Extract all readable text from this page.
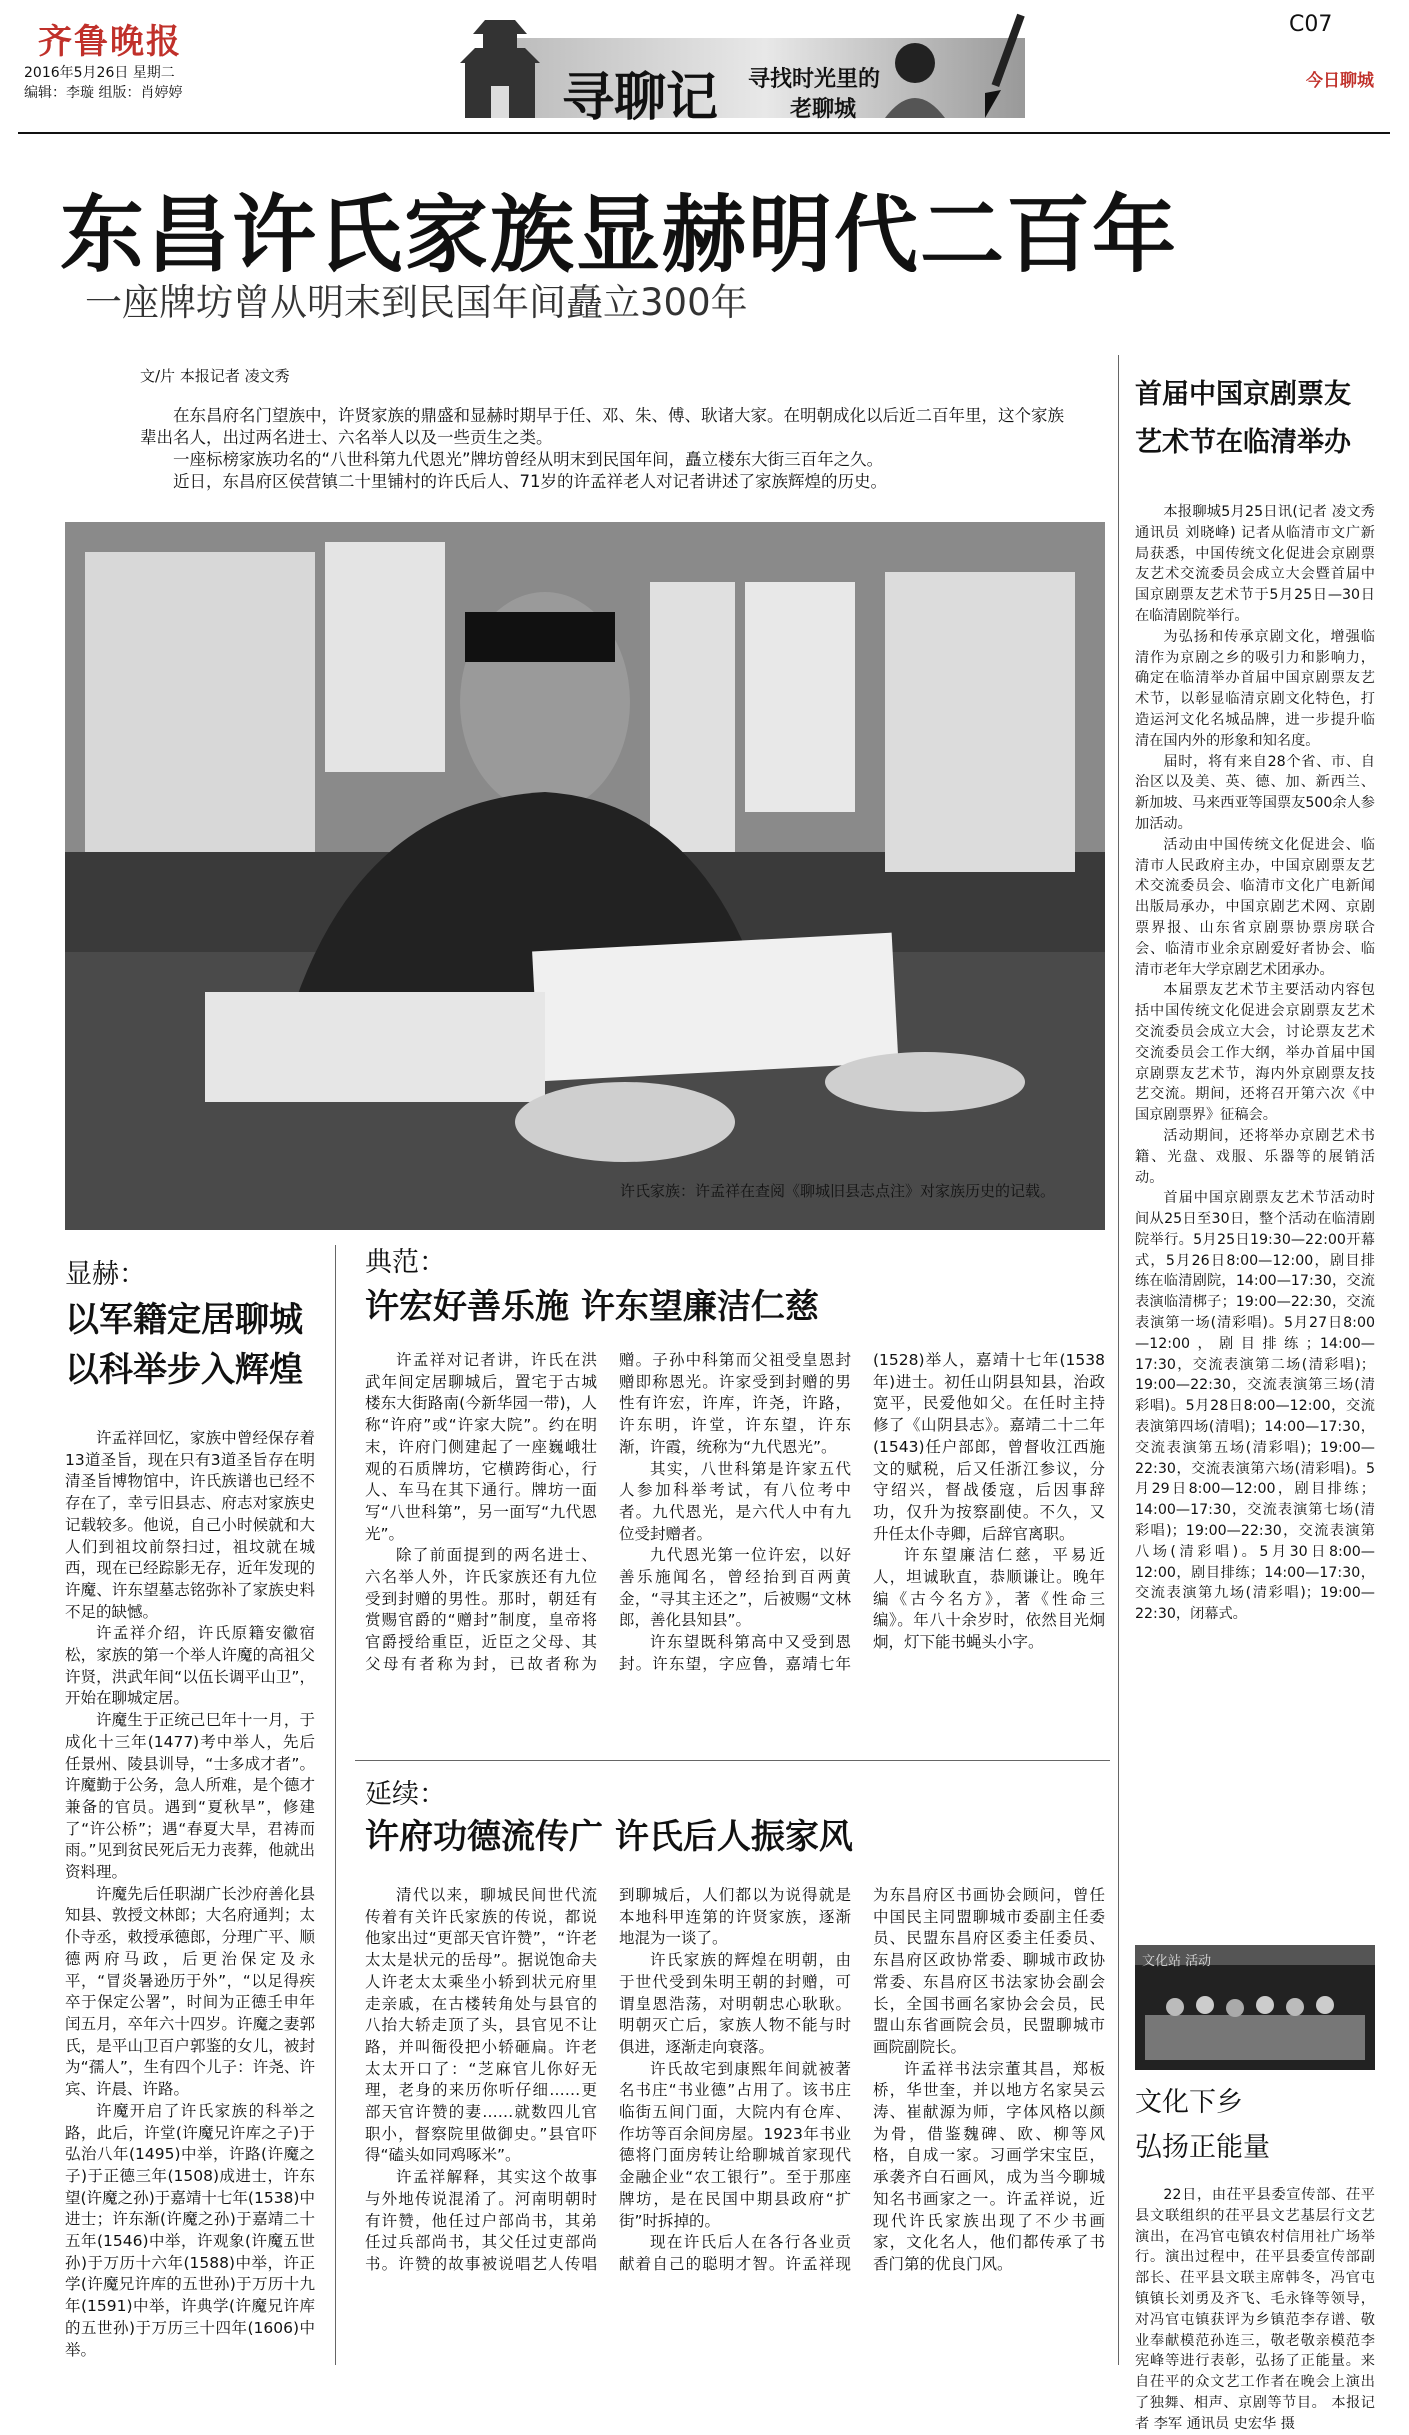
齐鲁晚报
2016年5月26日 星期二
编辑：李璇 组版：肖婷婷	寻聊记 寻找时光里的
老聊城
C07
今日聊城
东昌许氏家族显赫明代二百年
一座牌坊曾从明末到民国年间矗立300年
文/片 本报记者 凌文秀

在东昌府名门望族中，许贤家族的鼎盛和显赫时期早于任、邓、朱、傅、耿诸大家。在明朝成化以后近二百年里，这个家族辈出名人，出过两名进士、六名举人以及一些贡生之类。

一座标榜家族功名的“八世科第九代恩光”牌坊曾经从明末到民国年间，矗立楼东大街三百年之久。

近日，东昌府区侯营镇二十里铺村的许氏后人、71岁的许孟祥老人对记者讲述了家族辉煌的历史。

许氏家族：许孟祥在查阅《聊城旧县志点注》对家族历史的记载。
显赫：
以军籍定居聊城
以科举步入辉煌

许孟祥回忆，家族中曾经保存着13道圣旨，现在只有3道圣旨存在明清圣旨博物馆中，许氏族谱也已经不存在了，幸亏旧县志、府志对家族史记载较多。他说，自己小时候就和大人们到祖坟前祭扫过，祖坟就在城西，现在已经踪影无存，近年发现的许魔、许东望墓志铭弥补了家族史料不足的缺憾。

许孟祥介绍，许氏原籍安徽宿松，家族的第一个举人许魔的高祖父许贤，洪武年间“以伍长调平山卫”，开始在聊城定居。

许魔生于正统己巳年十一月，于成化十三年(1477)考中举人，先后任景州、陵县训导，“士多成才者”。许魔勤于公务，急人所难，是个德才兼备的官员。遇到“夏秋旱”，修建了“许公桥”；遇“春夏大旱，君祷而雨。”见到贫民死后无力丧葬，他就出资料理。

许魔先后任职湖广长沙府善化县知县、敦授文林郎；大名府通判；太仆寺丞，敕授承德郎，分理广平、顺德两府马政，后更治保定及永平，“冒炎暑逊历于外”，“以足得疾卒于保定公署”，时间为正德壬申年闰五月，卒年六十四岁。许魔之妻郭氏，是平山卫百户郭鉴的女儿，被封为“孺人”，生有四个儿子：许尧、许宾、许晨、许路。

许魔开启了许氏家族的科举之路，此后，许堂(许魔兄许库之子)于弘治八年(1495)中举，许路(许魔之子)于正德三年(1508)成进士，许东望(许魔之孙)于嘉靖十七年(1538)中进士；许东渐(许魔之孙)于嘉靖二十五年(1546)中举，许观象(许魔五世孙)于万历十六年(1588)中举，许正学(许魔兄许库的五世孙)于万历十九年(1591)中举，许典学(许魔兄许库的五世孙)于万历三十四年(1606)中举。

典范：
许宏好善乐施 许东望廉洁仁慈

许孟祥对记者讲，许氏在洪武年间定居聊城后，置宅于古城楼东大街路南(今新华园一带)，人称“许府”或“许家大院”。约在明末，许府门侧建起了一座巍峨壮观的石质牌坊，它横跨街心，行人、车马在其下通行。牌坊一面写“八世科第”，另一面写“九代恩光”。

除了前面提到的两名进士、六名举人外，许氏家族还有九位受到封赠的男性。那时，朝廷有赏赐官爵的“赠封”制度，皇帝将官爵授给重臣，近臣之父母、其父母有者称为封，已故者称为赠。子孙中科第而父祖受皇恩封赠即称恩光。许家受到封赠的男性有许宏，许库，许尧，许路，许东明，许堂，许东望，许东渐，许霞，统称为“九代恩光”。

其实，八世科第是许家五代人参加科举考试，有八位考中者。九代恩光，是六代人中有九位受封赠者。

九代恩光第一位许宏，以好善乐施闻名，曾经抬到百两黄金，“寻其主还之”，后被赐“文林郎，善化县知县”。

许东望既科第高中又受到恩封。许东望，字应鲁，嘉靖七年(1528)举人，嘉靖十七年(1538年)进士。初任山阴县知县，治政宽平，民爱他如父。在任时主持修了《山阴县志》。嘉靖二十二年(1543)任户部郎，曾督收江西施文的赋税，后又任浙江参议，分守绍兴，督战倭寇，后因事辞功，仅升为按察副使。不久，又升任太仆寺卿，后辞官离职。

许东望廉洁仁慈，平易近人，坦诚耿直，恭顺谦让。晚年编《古今名方》，著《性命三编》。年八十余岁时，依然目光炯炯，灯下能书蝇头小字。

延续：
许府功德流传广 许氏后人振家风

清代以来，聊城民间世代流传着有关许氏家族的传说，都说他家出过“更部天官许赞”，“许老太太是状元的岳母”。据说饱命夫人许老太太乘坐小轿到状元府里走亲戚，在古楼转角处与县官的八抬大轿走顶了头，县官见不让路，并叫衙役把小轿砸扁。许老太太开口了：“芝麻官儿你好无理，老身的来历你听仔细……更部天官许赞的妻……就数四儿官职小，督察院里做御史。”县官吓得“磕头如同鸡啄米”。

许孟祥解释，其实这个故事与外地传说混淆了。河南明朝时有许赞，他任过户部尚书，其弟任过兵部尚书，其父任过吏部尚书。许赞的故事被说唱艺人传唱到聊城后，人们都以为说得就是本地科甲连第的许贤家族，逐渐地混为一谈了。

许氏家族的辉煌在明朝，由于世代受到朱明王朝的封赠，可谓皇恩浩荡，对明朝忠心耿耿。明朝灭亡后，家族人物不能与时俱进，逐渐走向衰落。

许氏故宅到康熙年间就被著名书庄“书业德”占用了。该书庄临街五间门面，大院内有仓库、作坊等百余间房屋。1923年书业德将门面房转让给聊城首家现代金融企业“农工银行”。至于那座牌坊，是在民国中期县政府“扩街”时拆掉的。

现在许氏后人在各行各业贡献着自己的聪明才智。许孟祥现为东昌府区书画协会顾问，曾任中国民主同盟聊城市委副主任委员、民盟东昌府区委主任委员、东昌府区政协常委、聊城市政协常委、东昌府区书法家协会副会长，全国书画名家协会会员，民盟山东省画院会员，民盟聊城市画院副院长。

许孟祥书法宗董其昌，郑板桥，华世奎，并以地方名家吴云涛、崔献源为师，字体风格以颜为骨，借鉴魏碑、欧、柳等风格，自成一家。习画学宋宝臣，承袭齐白石画风，成为当今聊城知名书画家之一。许孟祥说，近现代许氏家族出现了不少书画家，文化名人，他们都传承了书香门第的优良门风。

首届中国京剧票友
艺术节在临清举办

本报聊城5月25日讯(记者 凌文秀 通讯员 刘晓峰) 记者从临清市文广新局获悉，中国传统文化促进会京剧票友艺术交流委员会成立大会暨首届中国京剧票友艺术节于5月25日—30日在临清剧院举行。

为弘扬和传承京剧文化，增强临清作为京剧之乡的吸引力和影响力，确定在临清举办首届中国京剧票友艺术节，以彰显临清京剧文化特色，打造运河文化名城品牌，进一步提升临清在国内外的形象和知名度。

届时，将有来自28个省、市、自治区以及美、英、德、加、新西兰、新加坡、马来西亚等国票友500余人参加活动。

活动由中国传统文化促进会、临清市人民政府主办，中国京剧票友艺术交流委员会、临清市文化广电新闻出版局承办，中国京剧艺术网、京剧票界报、山东省京剧票协票房联合会、临清市业余京剧爱好者协会、临清市老年大学京剧艺术团承办。

本届票友艺术节主要活动内容包括中国传统文化促进会京剧票友艺术交流委员会成立大会，讨论票友艺术交流委员会工作大纲，举办首届中国京剧票友艺术节，海内外京剧票友技艺交流。期间，还将召开第六次《中国京剧票界》征稿会。

活动期间，还将举办京剧艺术书籍、光盘、戏服、乐器等的展销活动。

首届中国京剧票友艺术节活动时间从25日至30日，整个活动在临清剧院举行。5月25日19:30—22:00开幕式，5月26日8:00—12:00，剧目排练在临清剧院，14:00—17:30，交流表演临清梆子；19:00—22:30，交流表演第一场(清彩唱)。5月27日8:00—12:00，剧目排练；14:00—17:30，交流表演第二场(清彩唱)；19:00—22:30，交流表演第三场(清彩唱)。5月28日8:00—12:00，交流表演第四场(清唱)；14:00—17:30，交流表演第五场(清彩唱)；19:00—22:30，交流表演第六场(清彩唱)。5月29日8:00—12:00，剧目排练；14:00—17:30，交流表演第七场(清彩唱)；19:00—22:30，交流表演第八场(清彩唱)。5月30日8:00—12:00，剧目排练；14:00—17:30，交流表演第九场(清彩唱)；19:00—22:30，闭幕式。

文化站 活动
文化下乡
弘扬正能量

22日，由茌平县委宣传部、茌平县文联组织的茌平县文艺基层行文艺演出，在冯官屯镇农村信用社广场举行。演出过程中，茌平县委宣传部副部长、茌平县文联主席韩冬，冯官屯镇镇长刘勇及齐飞、毛永锋等领导，对冯官屯镇获评为乡镇范李存谱、敬业奉献模范孙连三，敬老敬亲模范李宪峰等进行表彰，弘扬了正能量。来自茌平的众文艺工作者在晚会上演出了独舞、相声、京剧等节目。 本报记者 李军 通讯员 史宏华 摄
